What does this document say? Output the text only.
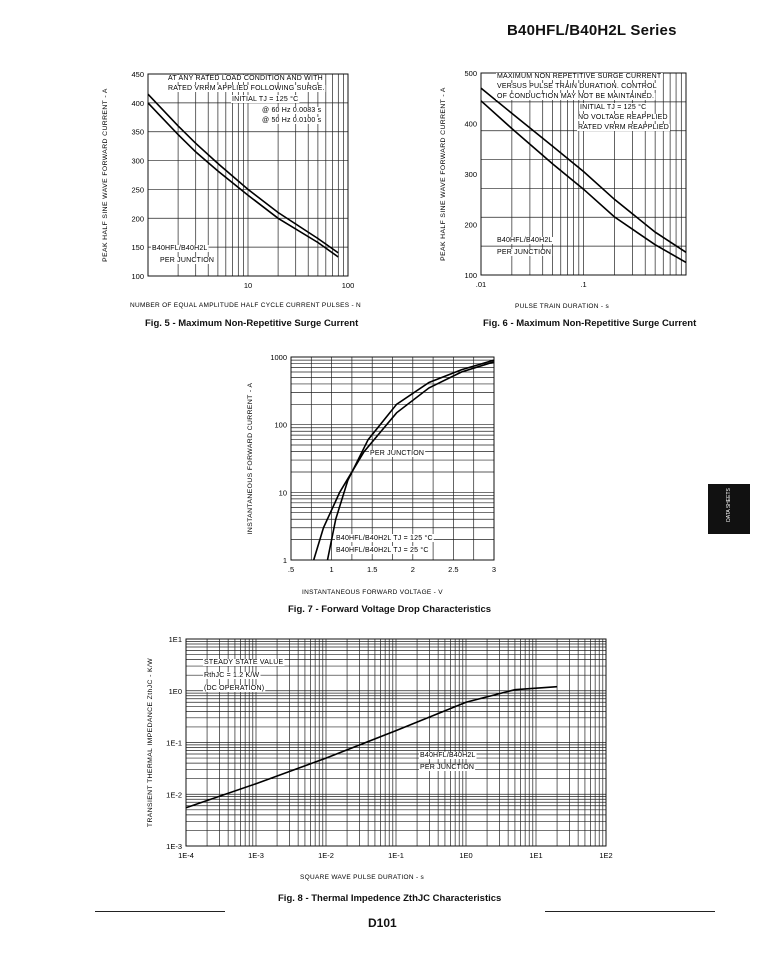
B40HFL/B40H2L Series
10	100
450
400
350
300
250
200
150
100
NUMBER OF EQUAL AMPLITUDE HALF CYCLE CURRENT PULSES - N
PEAK HALF SINE WAVE FORWARD CURRENT - A
AT ANY RATED LOAD CONDITION AND WITH
RATED VRRM APPLIED FOLLOWING SURGE.
INITIAL TJ = 125 °C
@ 60 Hz 0.0083 s
@ 50 Hz 0.0100 s
B40HFL/B40H2L
PER JUNCTION
.01	.1
500
400
300
200
100
PULSE TRAIN DURATION - s
PEAK HALF SINE WAVE FORWARD CURRENT - A
MAXIMUM NON REPETITIVE SURGE CURRENT
VERSUS PULSE TRAIN DURATION. CONTROL
OF CONDUCTION MAY NOT BE MAINTAINED.
INITIAL TJ = 125 °C
NO VOLTAGE REAPPLIED
RATED VRRM REAPPLIED
B40HFL/B40H2L
PER JUNCTION
.5	1	1.5	2	2.5	3
1000
100
10
1
INSTANTANEOUS FORWARD VOLTAGE - V
INSTANTANEOUS FORWARD CURRENT - A	PER JUNCTION
B40HFL/B40H2L TJ = 125 °C
B40HFL/B40H2L TJ = 25 °C
1E-4	1E-3	1E-2	1E-1	1E0	1E1	1E2
1E1
1E0
1E-1
1E-2
1E-3
SQUARE WAVE PULSE DURATION - s
TRANSIENT THERMAL IMPEDANCE ZthJC - K/W	STEADY STATE VALUE
RthJC = 1.2 K/W
(DC OPERATION)
B40HFL/B40H2L
PER JUNCTION
Fig. 5 - Maximum Non-Repetitive Surge Current	Fig. 6 - Maximum Non-Repetitive Surge Current
Fig. 7 - Forward Voltage Drop Characteristics
Fig. 8 - Thermal Impedence ZthJC Characteristics
DATA SHEETS
D101
